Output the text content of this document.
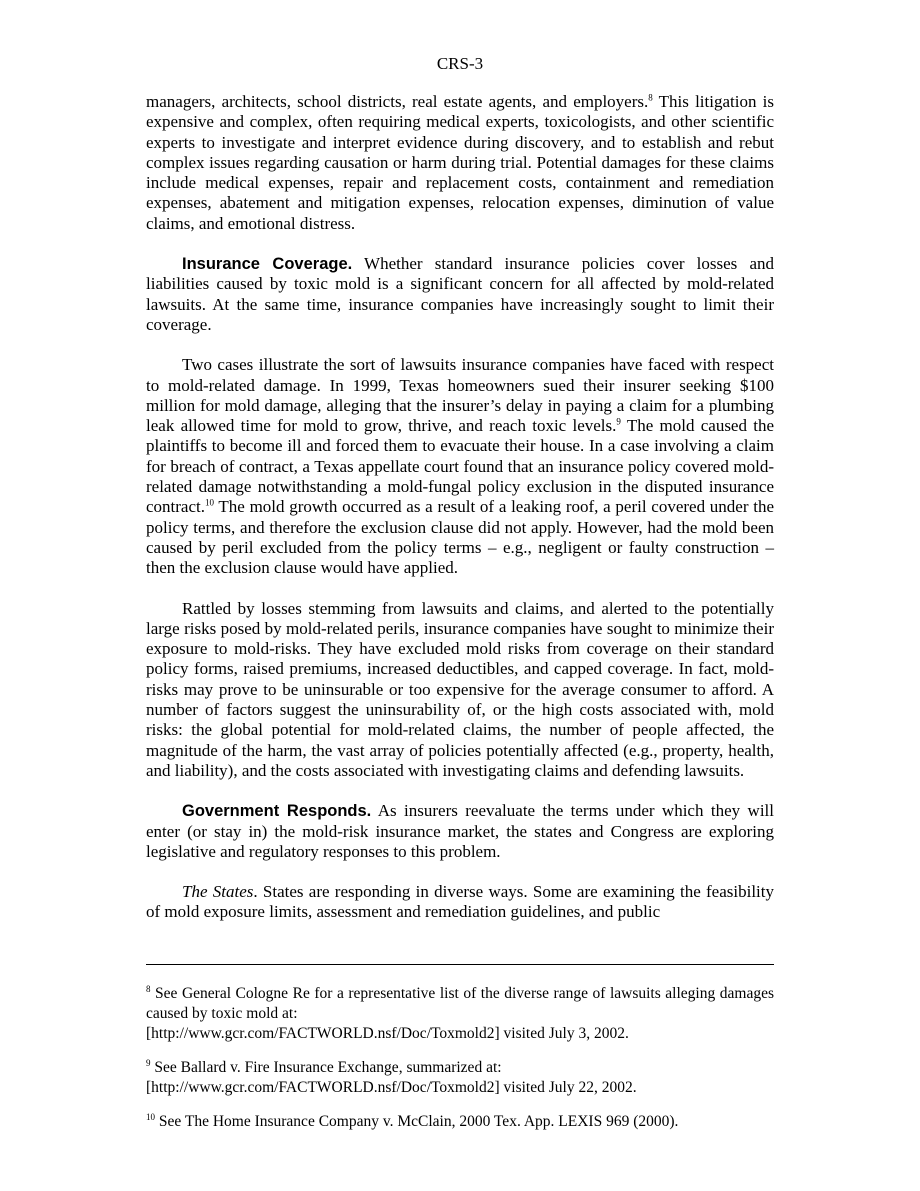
CRS-3

managers, architects, school districts, real estate agents, and employers.$^8$ This litigation is expensive and complex, often requiring medical experts, toxicologists, and other scientific experts to investigate and interpret evidence during discovery, and to establish and rebut complex issues regarding causation or harm during trial. Potential damages for these claims include medical expenses, repair and replacement costs, containment and remediation expenses, abatement and mitigation expenses, relocation expenses, diminution of value claims, and emotional distress.

Insurance Coverage. Whether standard insurance policies cover losses and liabilities caused by toxic mold is a significant concern for all affected by mold-related lawsuits. At the same time, insurance companies have increasingly sought to limit their coverage.

Two cases illustrate the sort of lawsuits insurance companies have faced with respect to mold-related damage. In 1999, Texas homeowners sued their insurer seeking $100 million for mold damage, alleging that the insurer’s delay in paying a claim for a plumbing leak allowed time for mold to grow, thrive, and reach toxic levels.$^9$ The mold caused the plaintiffs to become ill and forced them to evacuate their house. In a case involving a claim for breach of contract, a Texas appellate court found that an insurance policy covered mold-related damage notwithstanding a mold-fungal policy exclusion in the disputed insurance contract.$^{10}$ The mold growth occurred as a result of a leaking roof, a peril covered under the policy terms, and therefore the exclusion clause did not apply. However, had the mold been caused by peril excluded from the policy terms – e.g., negligent or faulty construction – then the exclusion clause would have applied.

Rattled by losses stemming from lawsuits and claims, and alerted to the potentially large risks posed by mold-related perils, insurance companies have sought to minimize their exposure to mold-risks. They have excluded mold risks from coverage on their standard policy forms, raised premiums, increased deductibles, and capped coverage. In fact, mold-risks may prove to be uninsurable or too expensive for the average consumer to afford. A number of factors suggest the uninsurability of, or the high costs associated with, mold risks: the global potential for mold-related claims, the number of people affected, the magnitude of the harm, the vast array of policies potentially affected (e.g., property, health, and liability), and the costs associated with investigating claims and defending lawsuits.

Government Responds. As insurers reevaluate the terms under which they will enter (or stay in) the mold-risk insurance market, the states and Congress are exploring legislative and regulatory responses to this problem.

The States. States are responding in diverse ways. Some are examining the feasibility of mold exposure limits, assessment and remediation guidelines, and public

$^8$ See General Cologne Re for a representative list of the diverse range of lawsuits alleging damages caused by toxic mold at:
[http://www.gcr.com/FACTWORLD.nsf/Doc/Toxmold2] visited July 3, 2002.
$^9$ See Ballard v. Fire Insurance Exchange, summarized at:
[http://www.gcr.com/FACTWORLD.nsf/Doc/Toxmold2] visited July 22, 2002.
$^{10}$ See The Home Insurance Company v. McClain, 2000 Tex. App. LEXIS 969 (2000).
